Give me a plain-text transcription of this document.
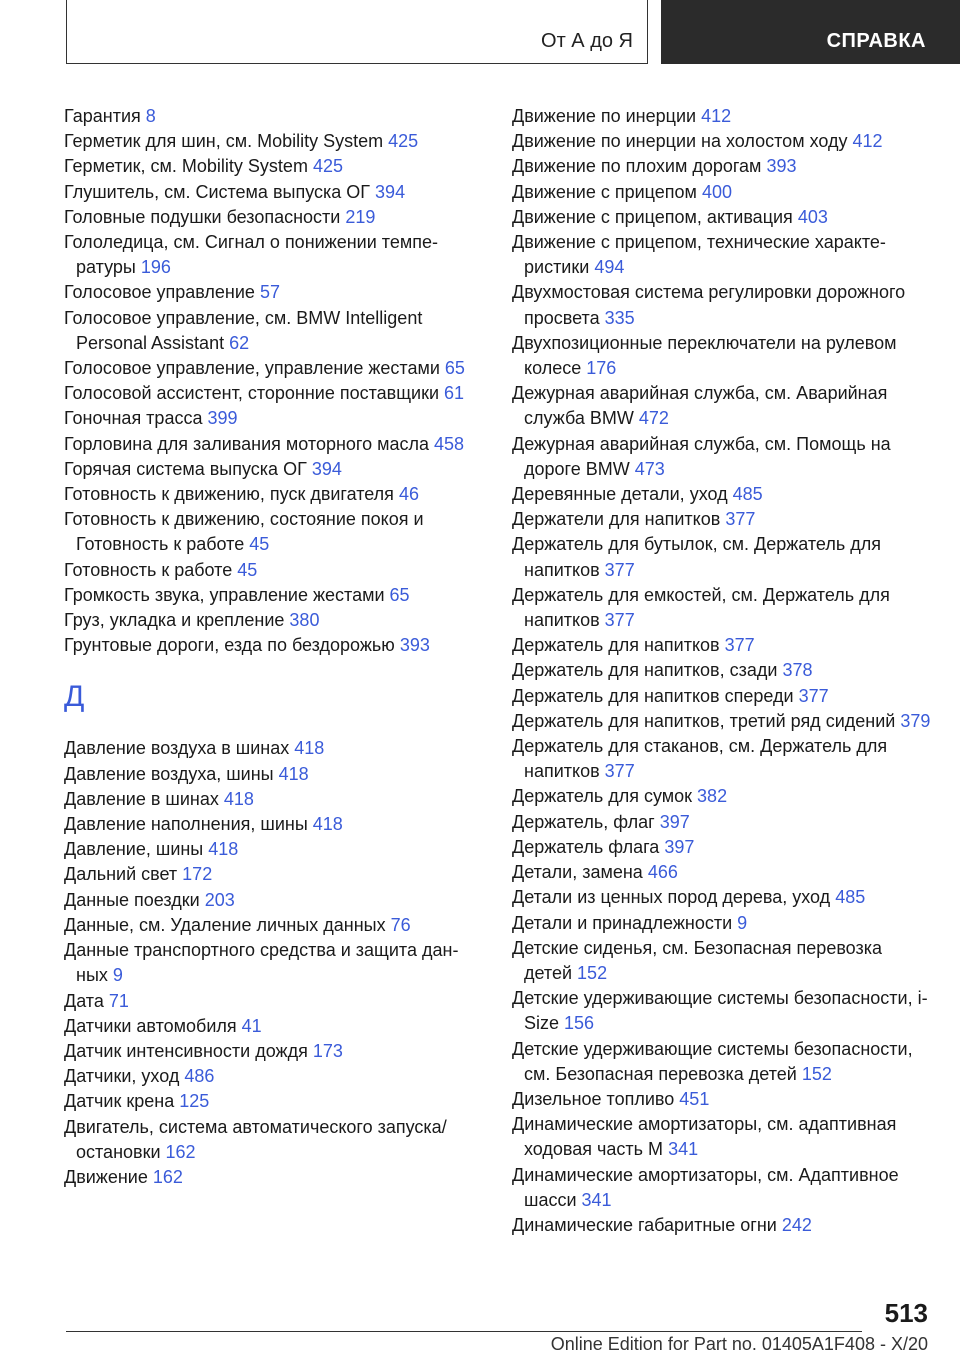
От А до Я	СПРАВКА

Гарантия 8

Герметик для шин, см. Mobility System 425

Герметик, см. Mobility System 425

Глушитель, см. Система выпуска ОГ 394

Головные подушки безопасности 219

Гололедица, см. Сигнал о понижении температуры 196

Голосовое управление 57

Голосовое управление, см. BMW Intelligent Personal Assistant 62

Голосовое управление, управление жестами 65

Голосовой ассистент, сторонние поставщики 61

Гоночная трасса 399

Горловина для заливания моторного масла 458

Горячая система выпуска ОГ 394

Готовность к движению, пуск двигателя 46

Готовность к движению, состояние покоя и Готовность к работе 45

Готовность к работе 45

Громкость звука, управление жестами 65

Груз, укладка и крепление 380

Грунтовые дороги, езда по бездорожью 393

Д

Давление воздуха в шинах 418

Давление воздуха, шины 418

Давление в шинах 418

Давление наполнения, шины 418

Давление, шины 418

Дальний свет 172

Данные поездки 203

Данные, см. Удаление личных данных 76

Данные транспортного средства и защита данных 9

Дата 71

Датчики автомобиля 41

Датчик интенсивности дождя 173

Датчики, уход 486

Датчик крена 125

Двигатель, система автоматического запуска/остановки 162

Движение 162

Движение по инерции 412

Движение по инерции на холостом ходу 412

Движение по плохим дорогам 393

Движение с прицепом 400

Движение с прицепом, активация 403

Движение с прицепом, технические характеристики 494

Двухмостовая система регулировки дорожного просвета 335

Двухпозиционные переключатели на рулевом колесе 176

Дежурная аварийная служба, см. Аварийная служба BMW 472

Дежурная аварийная служба, см. Помощь на дороге BMW 473

Деревянные детали, уход 485

Держатели для напитков 377

Держатель для бутылок, см. Держатель для напитков 377

Держатель для емкостей, см. Держатель для напитков 377

Держатель для напитков 377

Держатель для напитков, сзади 378

Держатель для напитков спереди 377

Держатель для напитков, третий ряд сидений 379

Держатель для стаканов, см. Держатель для напитков 377

Держатель для сумок 382

Держатель, флаг 397

Держатель флага 397

Детали, замена 466

Детали из ценных пород дерева, уход 485

Детали и принадлежности 9

Детские сиденья, см. Безопасная перевозка детей 152

Детские удерживающие системы безопасности, i-Size 156

Детские удерживающие системы безопасности, см. Безопасная перевозка детей 152

Дизельное топливо 451

Динамические амортизаторы, см. адаптивная ходовая часть M 341

Динамические амортизаторы, см. Адаптивное шасси 341

Динамические габаритные огни 242

513
Online Edition for Part no. 01405A1F408 - X/20
